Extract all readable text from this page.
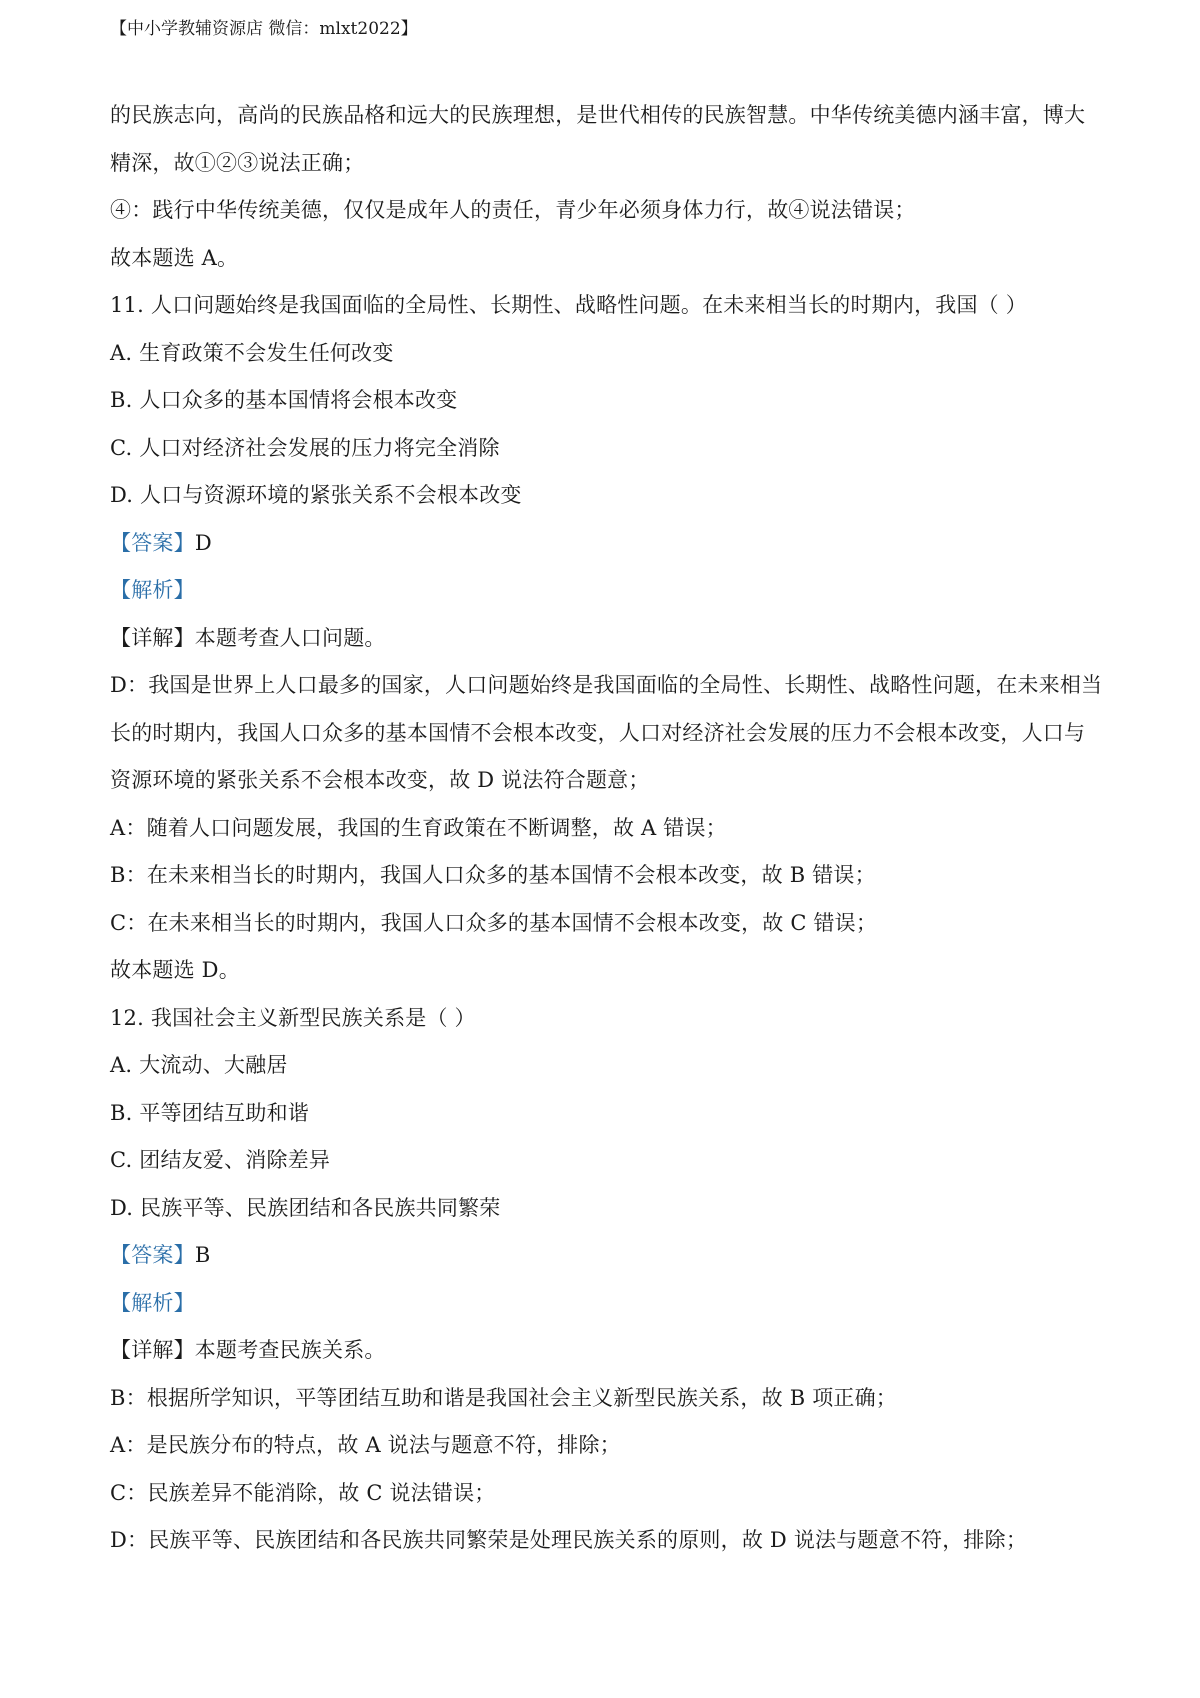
【中小学教辅资源店 微信：mlxt2022】
的民族志向，高尚的民族品格和远大的民族理想，是世代相传的民族智慧。中华传统美德内涵丰富，博大
精深，故①②③说法正确；
④：践行中华传统美德，仅仅是成年人的责任，青少年必须身体力行，故④说法错误；
故本题选 A。
11. 人口问题始终是我国面临的全局性、长期性、战略性问题。在未来相当长的时期内，我国（ ）
A. 生育政策不会发生任何改变
B. 人口众多的基本国情将会根本改变
C. 人口对经济社会发展的压力将完全消除
D. 人口与资源环境的紧张关系不会根本改变
【答案】D
【解析】
【详解】本题考查人口问题。
D：我国是世界上人口最多的国家，人口问题始终是我国面临的全局性、长期性、战略性问题，在未来相当
长的时期内，我国人口众多的基本国情不会根本改变，人口对经济社会发展的压力不会根本改变，人口与
资源环境的紧张关系不会根本改变，故 D 说法符合题意；
A：随着人口问题发展，我国的生育政策在不断调整，故 A 错误；
B：在未来相当长的时期内，我国人口众多的基本国情不会根本改变，故 B 错误；
C：在未来相当长的时期内，我国人口众多的基本国情不会根本改变，故 C 错误；
故本题选 D。
12. 我国社会主义新型民族关系是（ ）
A. 大流动、大融居
B. 平等团结互助和谐
C. 团结友爱、消除差异
D. 民族平等、民族团结和各民族共同繁荣
【答案】B
【解析】
【详解】本题考查民族关系。
B：根据所学知识，平等团结互助和谐是我国社会主义新型民族关系，故 B 项正确；
A：是民族分布的特点，故 A 说法与题意不符，排除；
C：民族差异不能消除，故 C 说法错误；
D：民族平等、民族团结和各民族共同繁荣是处理民族关系的原则，故 D 说法与题意不符，排除；
